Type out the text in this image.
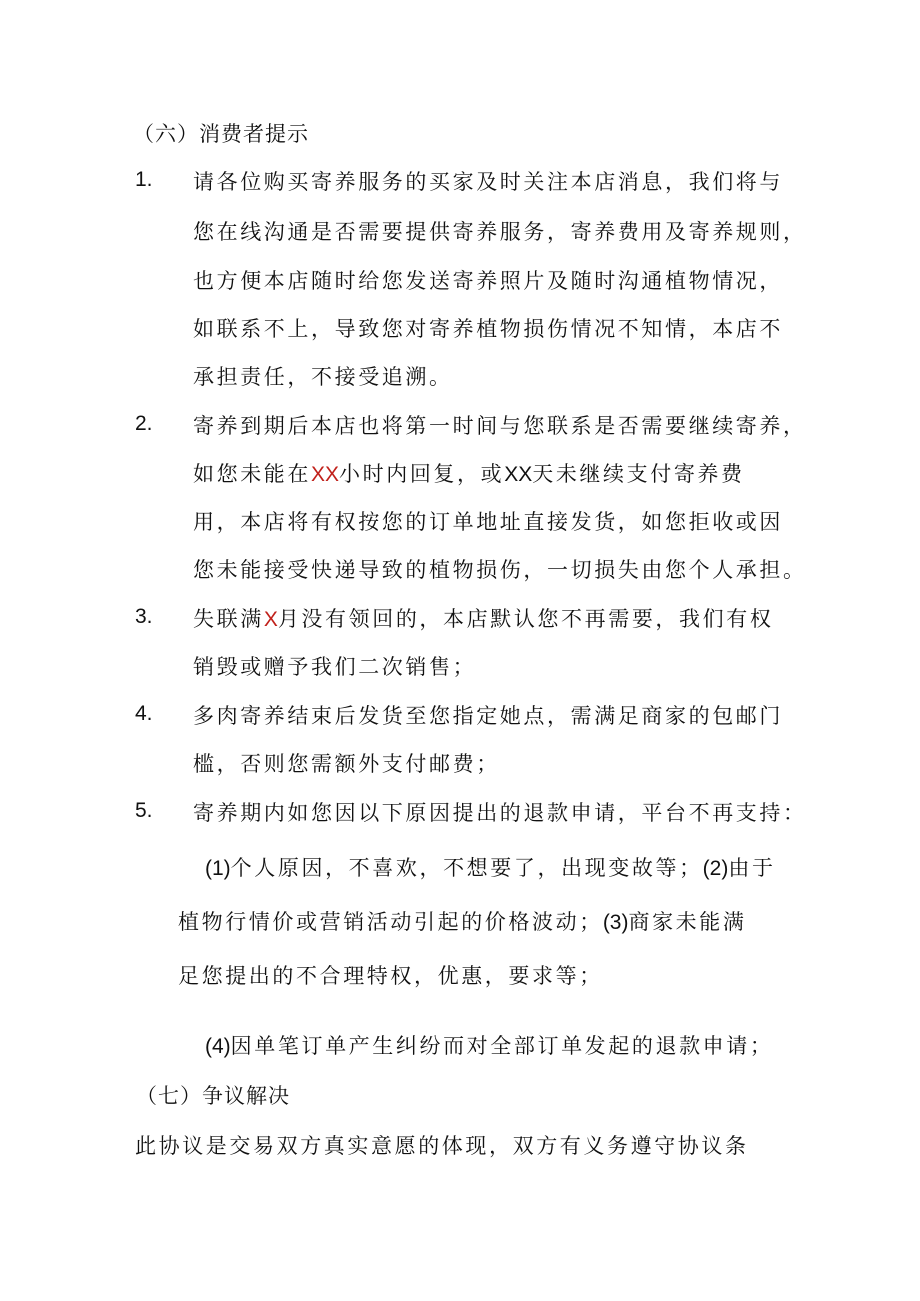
（六）消费者提示
1. 请各位购买寄养服务的买家及时关注本店消息，我们将与
您在线沟通是否需要提供寄养服务，寄养费用及寄养规则，
也方便本店随时给您发送寄养照片及随时沟通植物情况，
如联系不上，导致您对寄养植物损伤情况不知情，本店不
承担责任，不接受追溯。
2. 寄养到期后本店也将第一时间与您联系是否需要继续寄养，
如您未能在XX小时内回复，或XX天未继续支付寄养费
用，本店将有权按您的订单地址直接发货，如您拒收或因
您未能接受快递导致的植物损伤，一切损失由您个人承担。
3. 失联满X月没有领回的，本店默认您不再需要，我们有权
销毁或赠予我们二次销售；
4. 多肉寄养结束后发货至您指定她点，需满足商家的包邮门
槛，否则您需额外支付邮费；
5. 寄养期内如您因以下原因提出的退款申请，平台不再支持：
(1)个人原因，不喜欢，不想要了，出现变故等；(2)由于
植物行情价或营销活动引起的价格波动；(3)商家未能满
足您提出的不合理特权，优惠，要求等；
(4)因单笔订单产生纠纷而对全部订单发起的退款申请；
（七）争议解决
此协议是交易双方真实意愿的体现，双方有义务遵守协议条
